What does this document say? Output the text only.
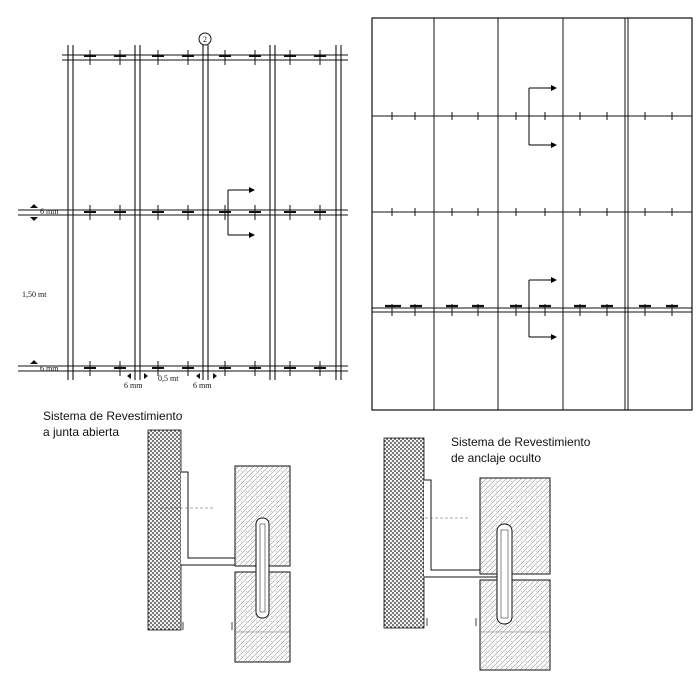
2
6 mm
1,50 mt
6 mm
6 mm
0,5 mt
6 mm
Sistema de Revestimiento
a junta abierta
Sistema de Revestimiento
de anclaje oculto
